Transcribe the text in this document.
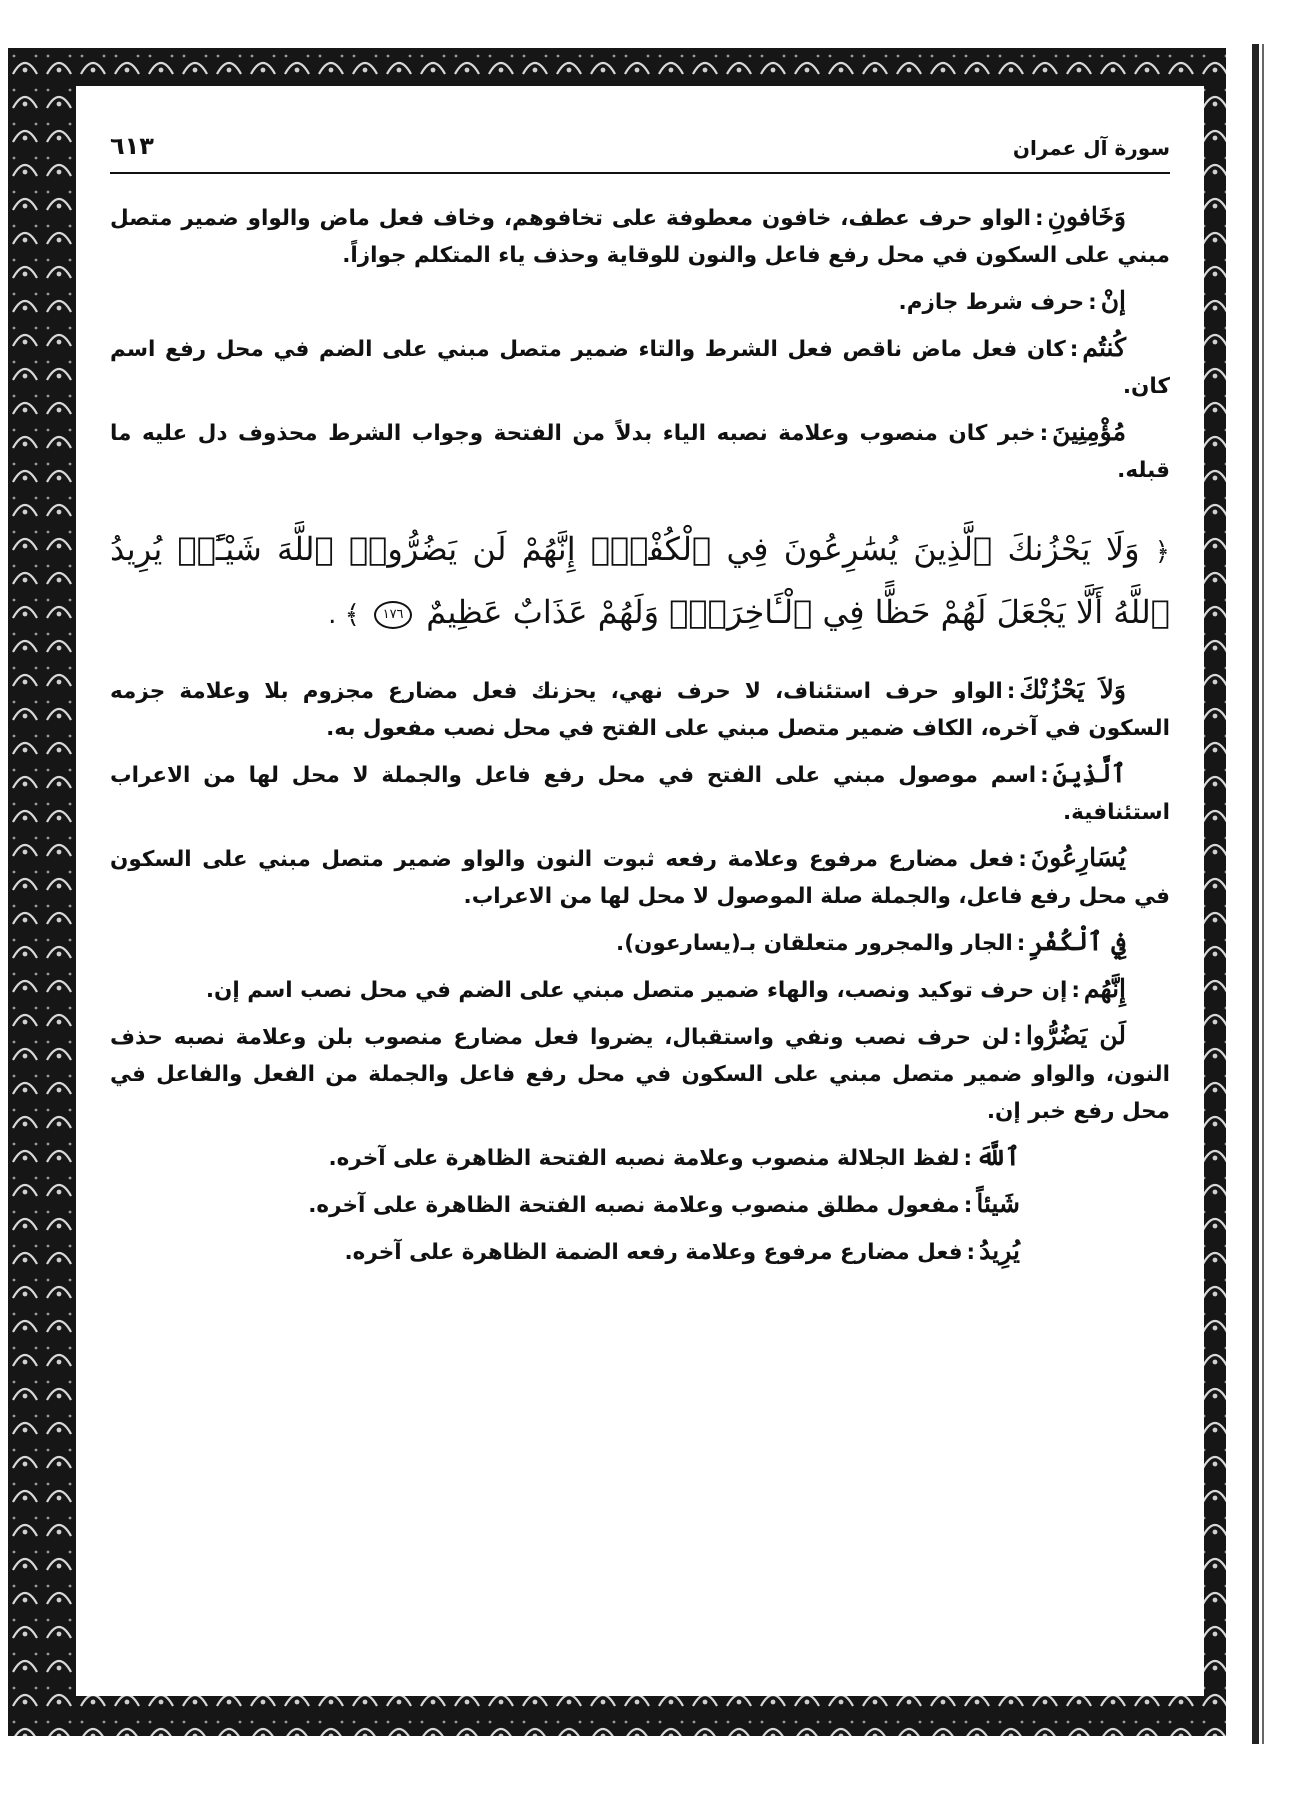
سورة آل عمران
٦١٣

وَخَافونِ:الواو حرف عطف، خافون معطوفة على تخافوهم، وخاف فعل ماض والواو ضمير متصل مبني على السكون في محل رفع فاعل والنون للوقاية وحذف ياء المتكلم جوازاً.

إنْ:حرف شرط جازم.

كُنتُم:كان فعل ماض ناقص فعل الشرط والتاء ضمير متصل مبني على الضم في محل رفع اسم كان.

مُؤْمِنِينَ:خبر كان منصوب وعلامة نصبه الياء بدلاً من الفتحة وجواب الشرط محذوف دل عليه ما قبله.

﴿ وَلَا يَحْزُنكَ ٱلَّذِينَ يُسَٰرِعُونَ فِي ٱلْكُفْرِۚ إِنَّهُمْ لَن يَضُرُّوا۟ ٱللَّهَ شَيْـًٔاۗ يُرِيدُ ٱللَّهُ أَلَّا يَجْعَلَ لَهُمْ حَظًّا فِي ٱلْـَٔاخِرَةِۖ وَلَهُمْ عَذَابٌ عَظِيمٌ ١٧٦ ﴾ .

وَلاَ يَحْزُنْكَ:الواو حرف استئناف، لا حرف نهي، يحزنك فعل مضارع مجزوم بلا وعلامة جزمه السكون في آخره، الكاف ضمير متصل مبني على الفتح في محل نصب مفعول به.

ٱلَّذِينَ:اسم موصول مبني على الفتح في محل رفع فاعل والجملة لا محل لها من الاعراب استئنافية.

يُسَارِعُونَ:فعل مضارع مرفوع وعلامة رفعه ثبوت النون والواو ضمير متصل مبني على السكون في محل رفع فاعل، والجملة صلة الموصول لا محل لها من الاعراب.

فِي ٱلْكُفْرِ:الجار والمجرور متعلقان بـ(يسارعون).

إِنَّهُم:إن حرف توكيد ونصب، والهاء ضمير متصل مبني على الضم في محل نصب اسم إن.

لَن يَضُرُّوا:لن حرف نصب ونفي واستقبال، يضروا فعل مضارع منصوب بلن وعلامة نصبه حذف النون، والواو ضمير متصل مبني على السكون في محل رفع فاعل والجملة من الفعل والفاعل في محل رفع خبر إن.

ٱللَّهَ:لفظ الجلالة منصوب وعلامة نصبه الفتحة الظاهرة على آخره.

شَيئاً:مفعول مطلق منصوب وعلامة نصبه الفتحة الظاهرة على آخره.

يُرِيدُ:فعل مضارع مرفوع وعلامة رفعه الضمة الظاهرة على آخره.
